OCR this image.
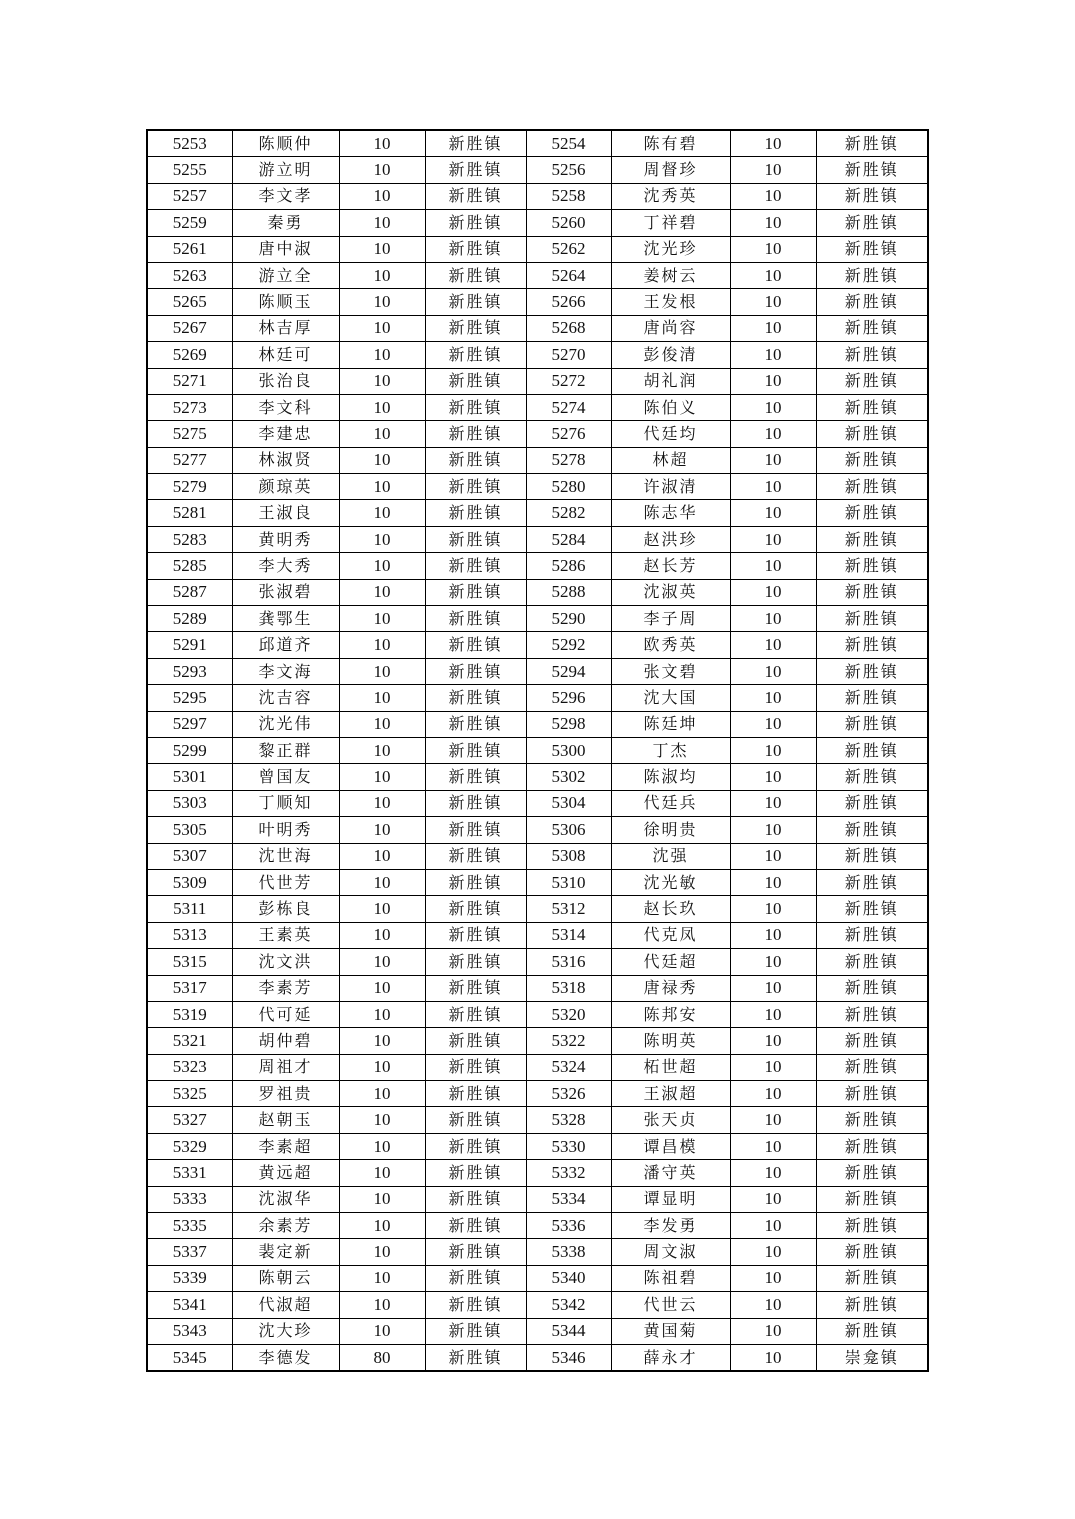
5253	陈顺仲	10	新胜镇	5254	陈有碧	10	新胜镇
5255	游立明	10	新胜镇	5256	周督珍	10	新胜镇
5257	李文孝	10	新胜镇	5258	沈秀英	10	新胜镇
5259	秦勇	10	新胜镇	5260	丁祥碧	10	新胜镇
5261	唐中淑	10	新胜镇	5262	沈光珍	10	新胜镇
5263	游立全	10	新胜镇	5264	姜树云	10	新胜镇
5265	陈顺玉	10	新胜镇	5266	王发根	10	新胜镇
5267	林吉厚	10	新胜镇	5268	唐尚容	10	新胜镇
5269	林廷可	10	新胜镇	5270	彭俊清	10	新胜镇
5271	张治良	10	新胜镇	5272	胡礼润	10	新胜镇
5273	李文科	10	新胜镇	5274	陈伯义	10	新胜镇
5275	李建忠	10	新胜镇	5276	代廷均	10	新胜镇
5277	林淑贤	10	新胜镇	5278	林超	10	新胜镇
5279	颜琼英	10	新胜镇	5280	许淑清	10	新胜镇
5281	王淑良	10	新胜镇	5282	陈志华	10	新胜镇
5283	黄明秀	10	新胜镇	5284	赵洪珍	10	新胜镇
5285	李大秀	10	新胜镇	5286	赵长芳	10	新胜镇
5287	张淑碧	10	新胜镇	5288	沈淑英	10	新胜镇
5289	龚鄂生	10	新胜镇	5290	李子周	10	新胜镇
5291	邱道齐	10	新胜镇	5292	欧秀英	10	新胜镇
5293	李文海	10	新胜镇	5294	张文碧	10	新胜镇
5295	沈吉容	10	新胜镇	5296	沈大国	10	新胜镇
5297	沈光伟	10	新胜镇	5298	陈廷坤	10	新胜镇
5299	黎正群	10	新胜镇	5300	丁杰	10	新胜镇
5301	曾国友	10	新胜镇	5302	陈淑均	10	新胜镇
5303	丁顺知	10	新胜镇	5304	代廷兵	10	新胜镇
5305	叶明秀	10	新胜镇	5306	徐明贵	10	新胜镇
5307	沈世海	10	新胜镇	5308	沈强	10	新胜镇
5309	代世芳	10	新胜镇	5310	沈光敏	10	新胜镇
5311	彭栋良	10	新胜镇	5312	赵长玖	10	新胜镇
5313	王素英	10	新胜镇	5314	代克凤	10	新胜镇
5315	沈文洪	10	新胜镇	5316	代廷超	10	新胜镇
5317	李素芳	10	新胜镇	5318	唐禄秀	10	新胜镇
5319	代可延	10	新胜镇	5320	陈邦安	10	新胜镇
5321	胡仲碧	10	新胜镇	5322	陈明英	10	新胜镇
5323	周祖才	10	新胜镇	5324	柘世超	10	新胜镇
5325	罗祖贵	10	新胜镇	5326	王淑超	10	新胜镇
5327	赵朝玉	10	新胜镇	5328	张天贞	10	新胜镇
5329	李素超	10	新胜镇	5330	谭昌模	10	新胜镇
5331	黄远超	10	新胜镇	5332	潘守英	10	新胜镇
5333	沈淑华	10	新胜镇	5334	谭显明	10	新胜镇
5335	余素芳	10	新胜镇	5336	李发勇	10	新胜镇
5337	裴定新	10	新胜镇	5338	周文淑	10	新胜镇
5339	陈朝云	10	新胜镇	5340	陈祖碧	10	新胜镇
5341	代淑超	10	新胜镇	5342	代世云	10	新胜镇
5343	沈大珍	10	新胜镇	5344	黄国菊	10	新胜镇
5345	李德发	80	新胜镇	5346	薛永才	10	崇龛镇
